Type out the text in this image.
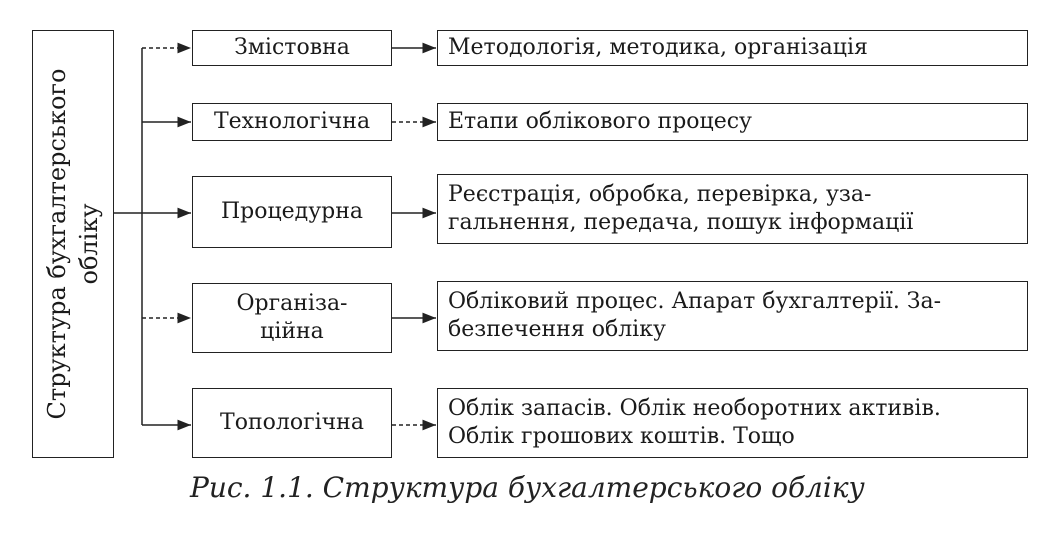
Структура бухгалтерського обліку
Змістовна	Методологія, методика, організація
Технологічна	Етапи облікового процесу
Процедурна
Реєстрація, обробка, перевірка, уза-
гальнення, передача, пошук інформації
Організа-
ційна
Обліковий процес. Апарат бухгалтерії. За-
безпечення обліку
Топологічна
Облік запасів. Облік необоротних активів.
Облік грошових коштів. Тощо
Рис. 1.1. Структура бухгалтерського обліку
